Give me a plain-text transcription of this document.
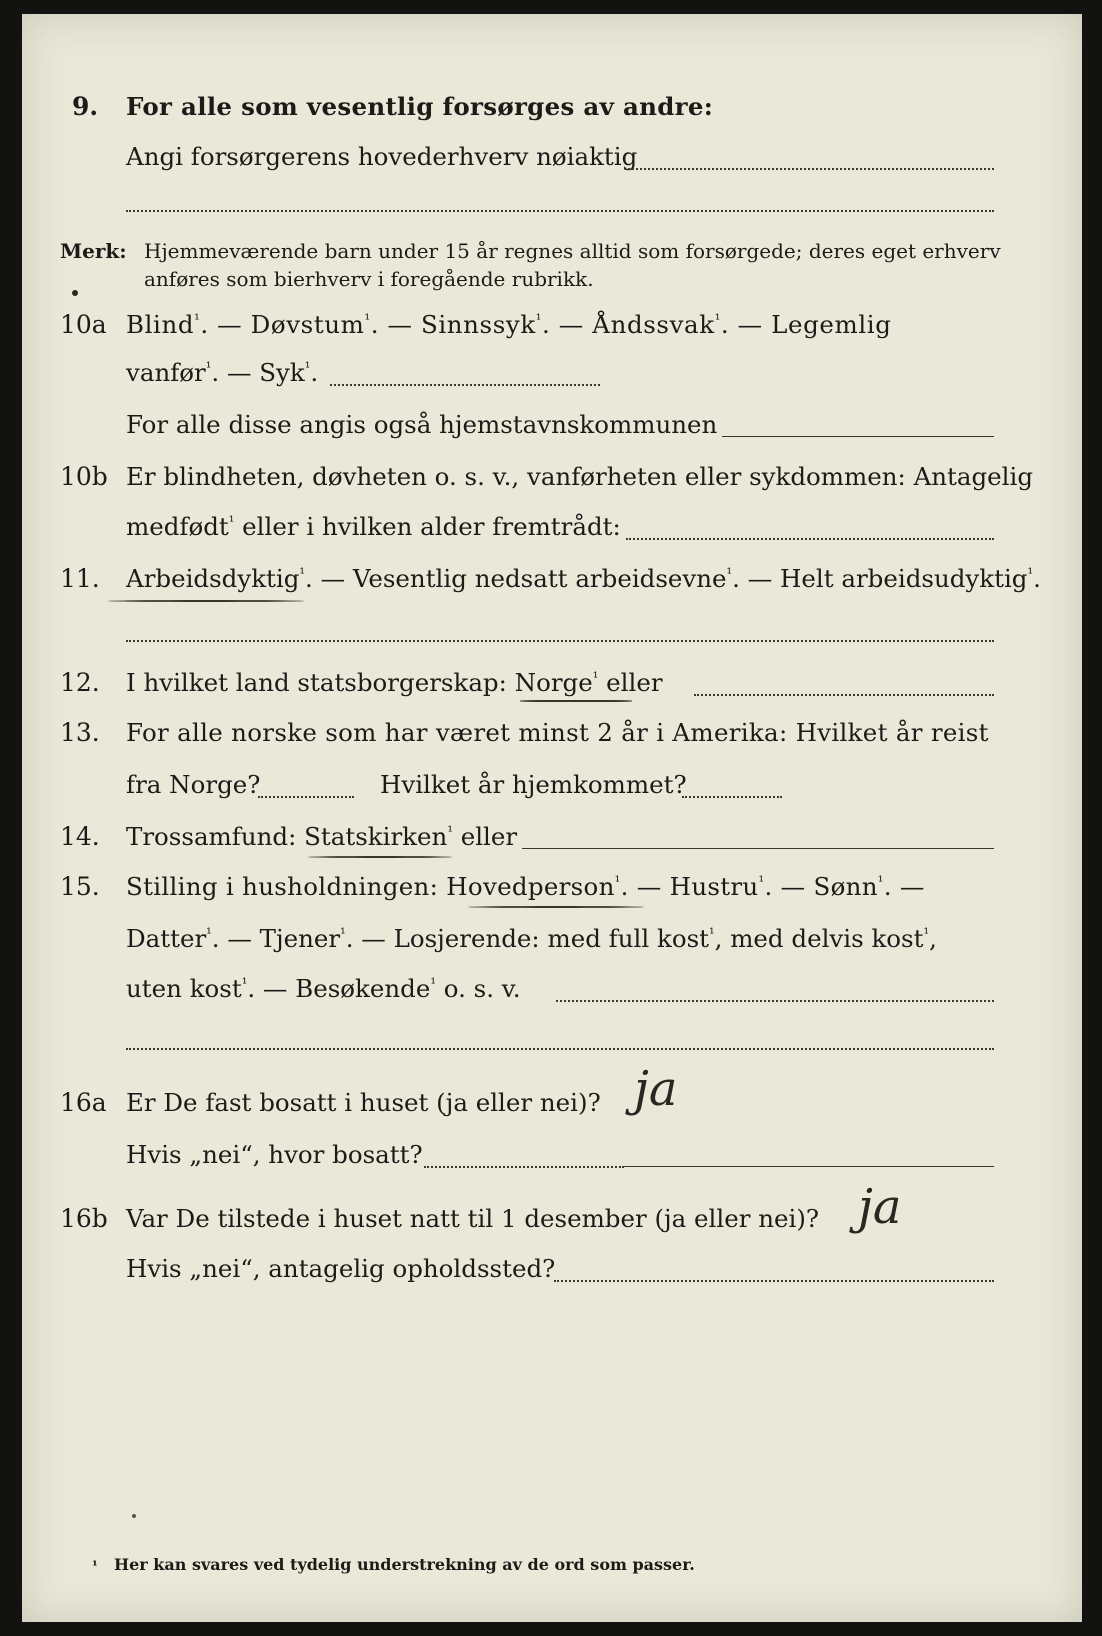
9. For alle som vesentlig forsørges av andre:
Angi forsørgerens hovederhverv nøiaktig
Merk: Hjemmeværende barn under 15 år regnes alltid som forsørgede; deres eget erhverv
anføres som bierhverv i foregående rubrikk.
10a Blind$^{^1}$. — Døvstum$^{^1}$. — Sinnssyk$^{^1}$. — Åndssvak$^{^1}$. — Legemlig
vanfør$^{^1}$. — Syk$^{^1}$.
For alle disse angis også hjemstavnskommunen
10b Er blindheten, døvheten o. s. v., vanførheten eller sykdommen: Antagelig
medfødt$^{^1}$ eller i hvilken alder fremtrådt:
11. Arbeidsdyktig$^{^1}$. — Vesentlig nedsatt arbeidsevne$^{^1}$. — Helt arbeidsudyktig$^{^1}$.
12. I hvilket land statsborgerskap: Norge$^{^1}$ eller
13. For alle norske som har været minst 2 år i Amerika: Hvilket år reist
fra Norge?	Hvilket år hjemkommet?
14. Trossamfund: Statskirken$^{^1}$ eller
15. Stilling i husholdningen: Hovedperson$^{^1}$. — Hustru$^{^1}$. — Sønn$^{^1}$. —
Datter$^{^1}$. — Tjener$^{^1}$. — Losjerende: med full kost$^{^1}$, med delvis kost$^{^1}$,
uten kost$^{^1}$. — Besøkende$^{^1}$ o. s. v.
16a Er De fast bosatt i huset (ja eller nei)? ja
Hvis „nei“, hvor bosatt?
16b Var De tilstede i huset natt til 1 desember (ja eller nei)? ja
Hvis „nei“, antagelig opholdssted?
¹ Her kan svares ved tydelig understrekning av de ord som passer.
